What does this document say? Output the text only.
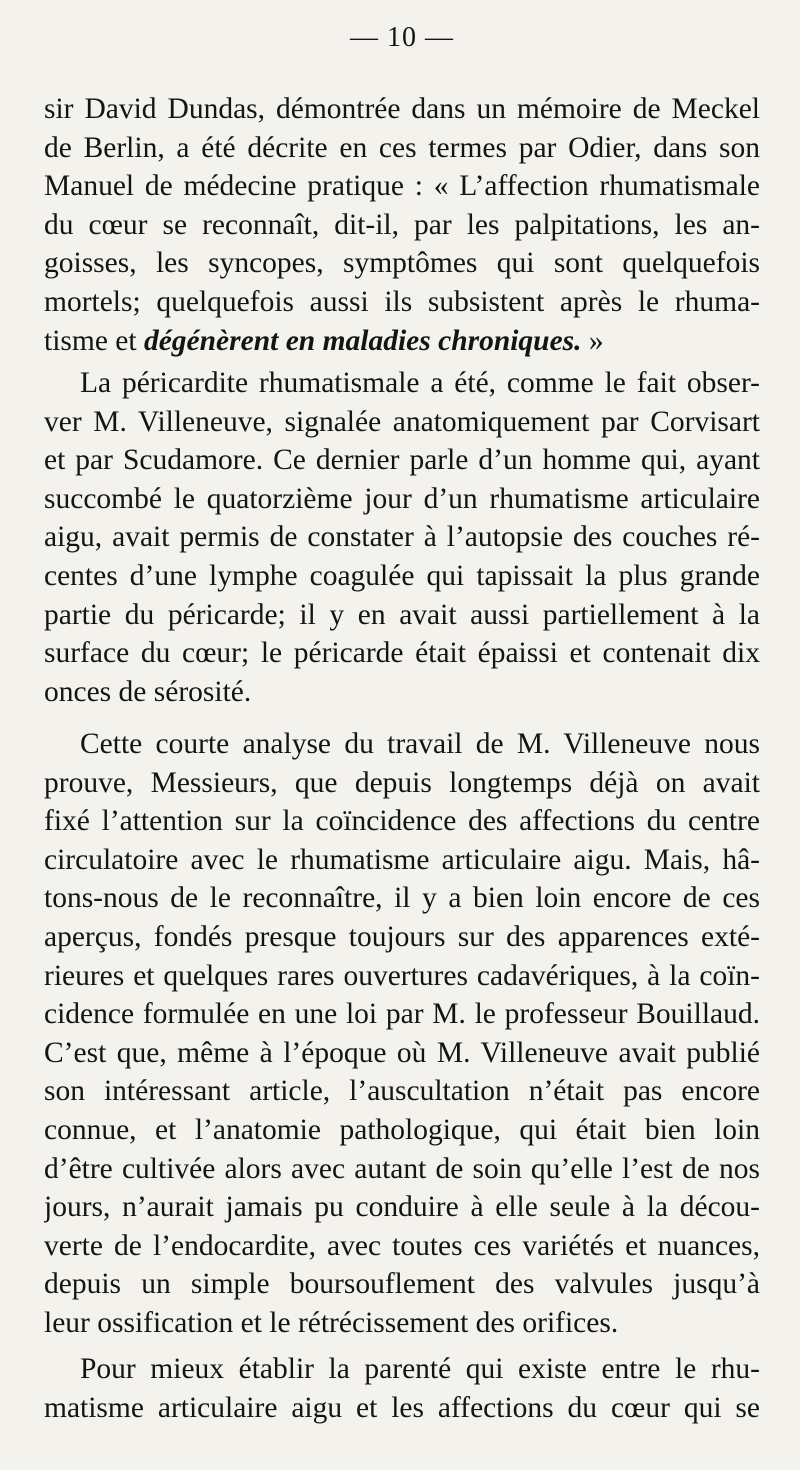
— 10 —
sir David Dundas, démontrée dans un mémoire de Meckel
de Berlin, a été décrite en ces termes par Odier, dans son
Manuel de médecine pratique : « L’affection rhumatismale
du cœur se reconnaît, dit-il, par les palpitations, les an-
goisses, les syncopes, symptômes qui sont quelquefois
mortels; quelquefois aussi ils subsistent après le rhuma-
tisme et dégénèrent en maladies chroniques. »
La péricardite rhumatismale a été, comme le fait obser-
ver M. Villeneuve, signalée anatomiquement par Corvisart
et par Scudamore. Ce dernier parle d’un homme qui, ayant
succombé le quatorzième jour d’un rhumatisme articulaire
aigu, avait permis de constater à l’autopsie des couches ré-
centes d’une lymphe coagulée qui tapissait la plus grande
partie du péricarde; il y en avait aussi partiellement à la
surface du cœur; le péricarde était épaissi et contenait dix
onces de sérosité.
Cette courte analyse du travail de M. Villeneuve nous
prouve, Messieurs, que depuis longtemps déjà on avait
fixé l’attention sur la coïncidence des affections du centre
circulatoire avec le rhumatisme articulaire aigu. Mais, hâ-
tons-nous de le reconnaître, il y a bien loin encore de ces
aperçus, fondés presque toujours sur des apparences exté-
rieures et quelques rares ouvertures cadavériques, à la coïn-
cidence formulée en une loi par M. le professeur Bouillaud.
C’est que, même à l’époque où M. Villeneuve avait publié
son intéressant article, l’auscultation n’était pas encore
connue, et l’anatomie pathologique, qui était bien loin
d’être cultivée alors avec autant de soin qu’elle l’est de nos
jours, n’aurait jamais pu conduire à elle seule à la décou-
verte de l’endocardite, avec toutes ces variétés et nuances,
depuis un simple boursouflement des valvules jusqu’à
leur ossification et le rétrécissement des orifices.
Pour mieux établir la parenté qui existe entre le rhu-
matisme articulaire aigu et les affections du cœur qui se
